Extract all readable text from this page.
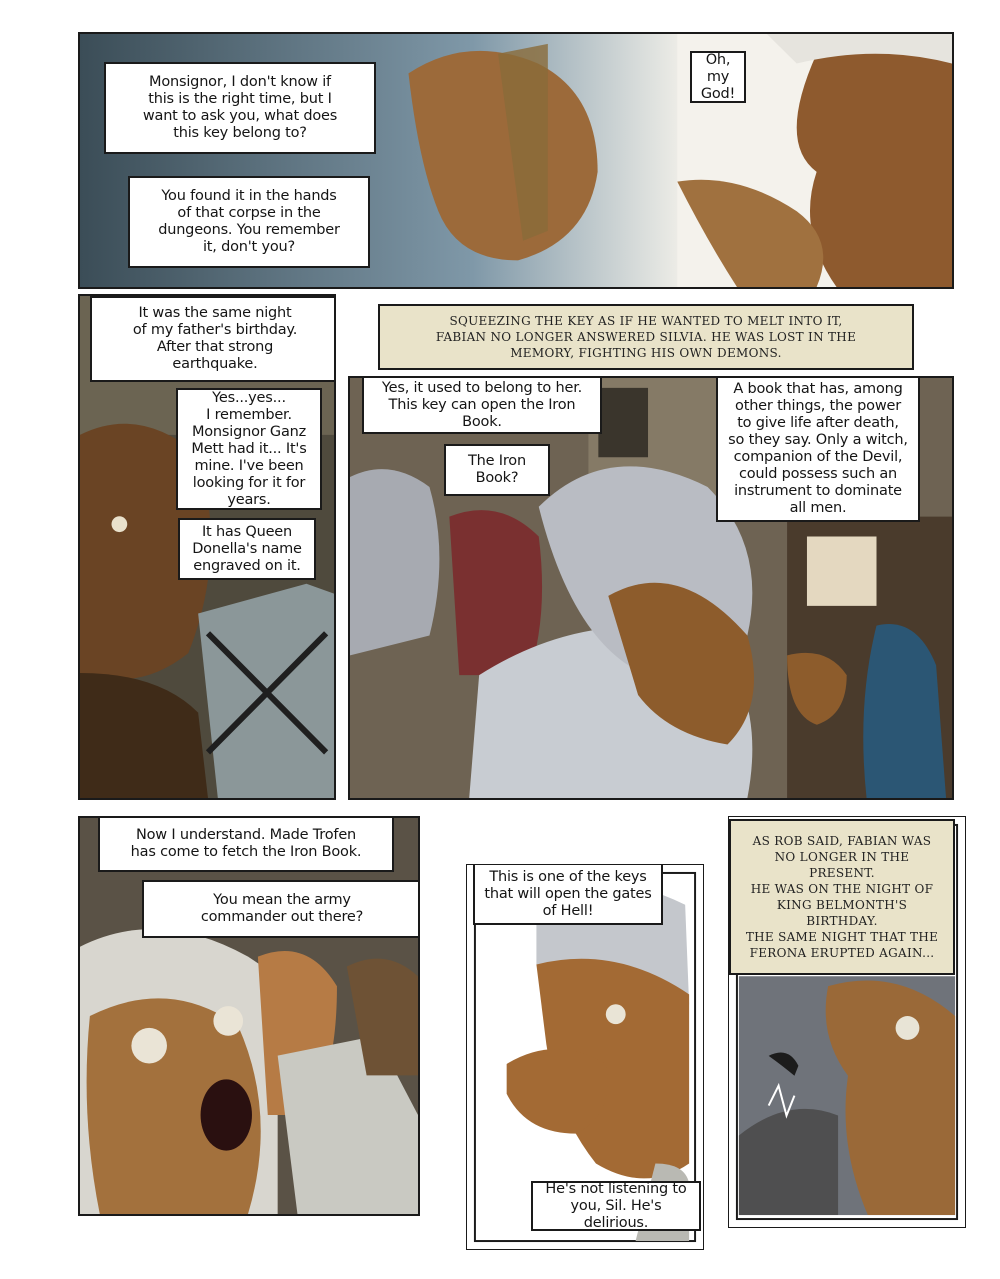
Monsignor, I don't know if
this is the right time, but I
want to ask you, what does
this key belong to?
You found it in the hands
of that corpse in the
dungeons. You remember
it, don't you?
Oh, my
God!
It was the same night
of my father's birthday.
After that strong
earthquake.
Yes...yes...
I remember.
Monsignor Ganz
Mett had it... It's
mine. I've been
looking for it for
years.
It has Queen
Donella's name
engraved on it.
Yes, it used to belong to her.
This key can open the Iron
Book.
The Iron
Book?
A book that has, among
other things, the power
to give life after death,
so they say. Only a witch,
companion of the Devil,
could possess such an
instrument to dominate
all men.
SQUEEZING THE KEY AS IF HE WANTED TO MELT INTO IT,
FABIAN NO LONGER ANSWERED SILVIA. HE WAS LOST IN THE
MEMORY, FIGHTING HIS OWN DEMONS.
Now I understand. Made Trofen
has come to fetch the Iron Book.
You mean the army
commander out there?
This is one of the keys
that will open the gates
of Hell!
He's not listening to
you, Sil. He's delirious.
AS ROB SAID, FABIAN WAS
NO LONGER IN THE PRESENT.
HE WAS ON THE NIGHT OF
KING BELMONTH'S BIRTHDAY.
THE SAME NIGHT THAT THE
FERONA ERUPTED AGAIN...
